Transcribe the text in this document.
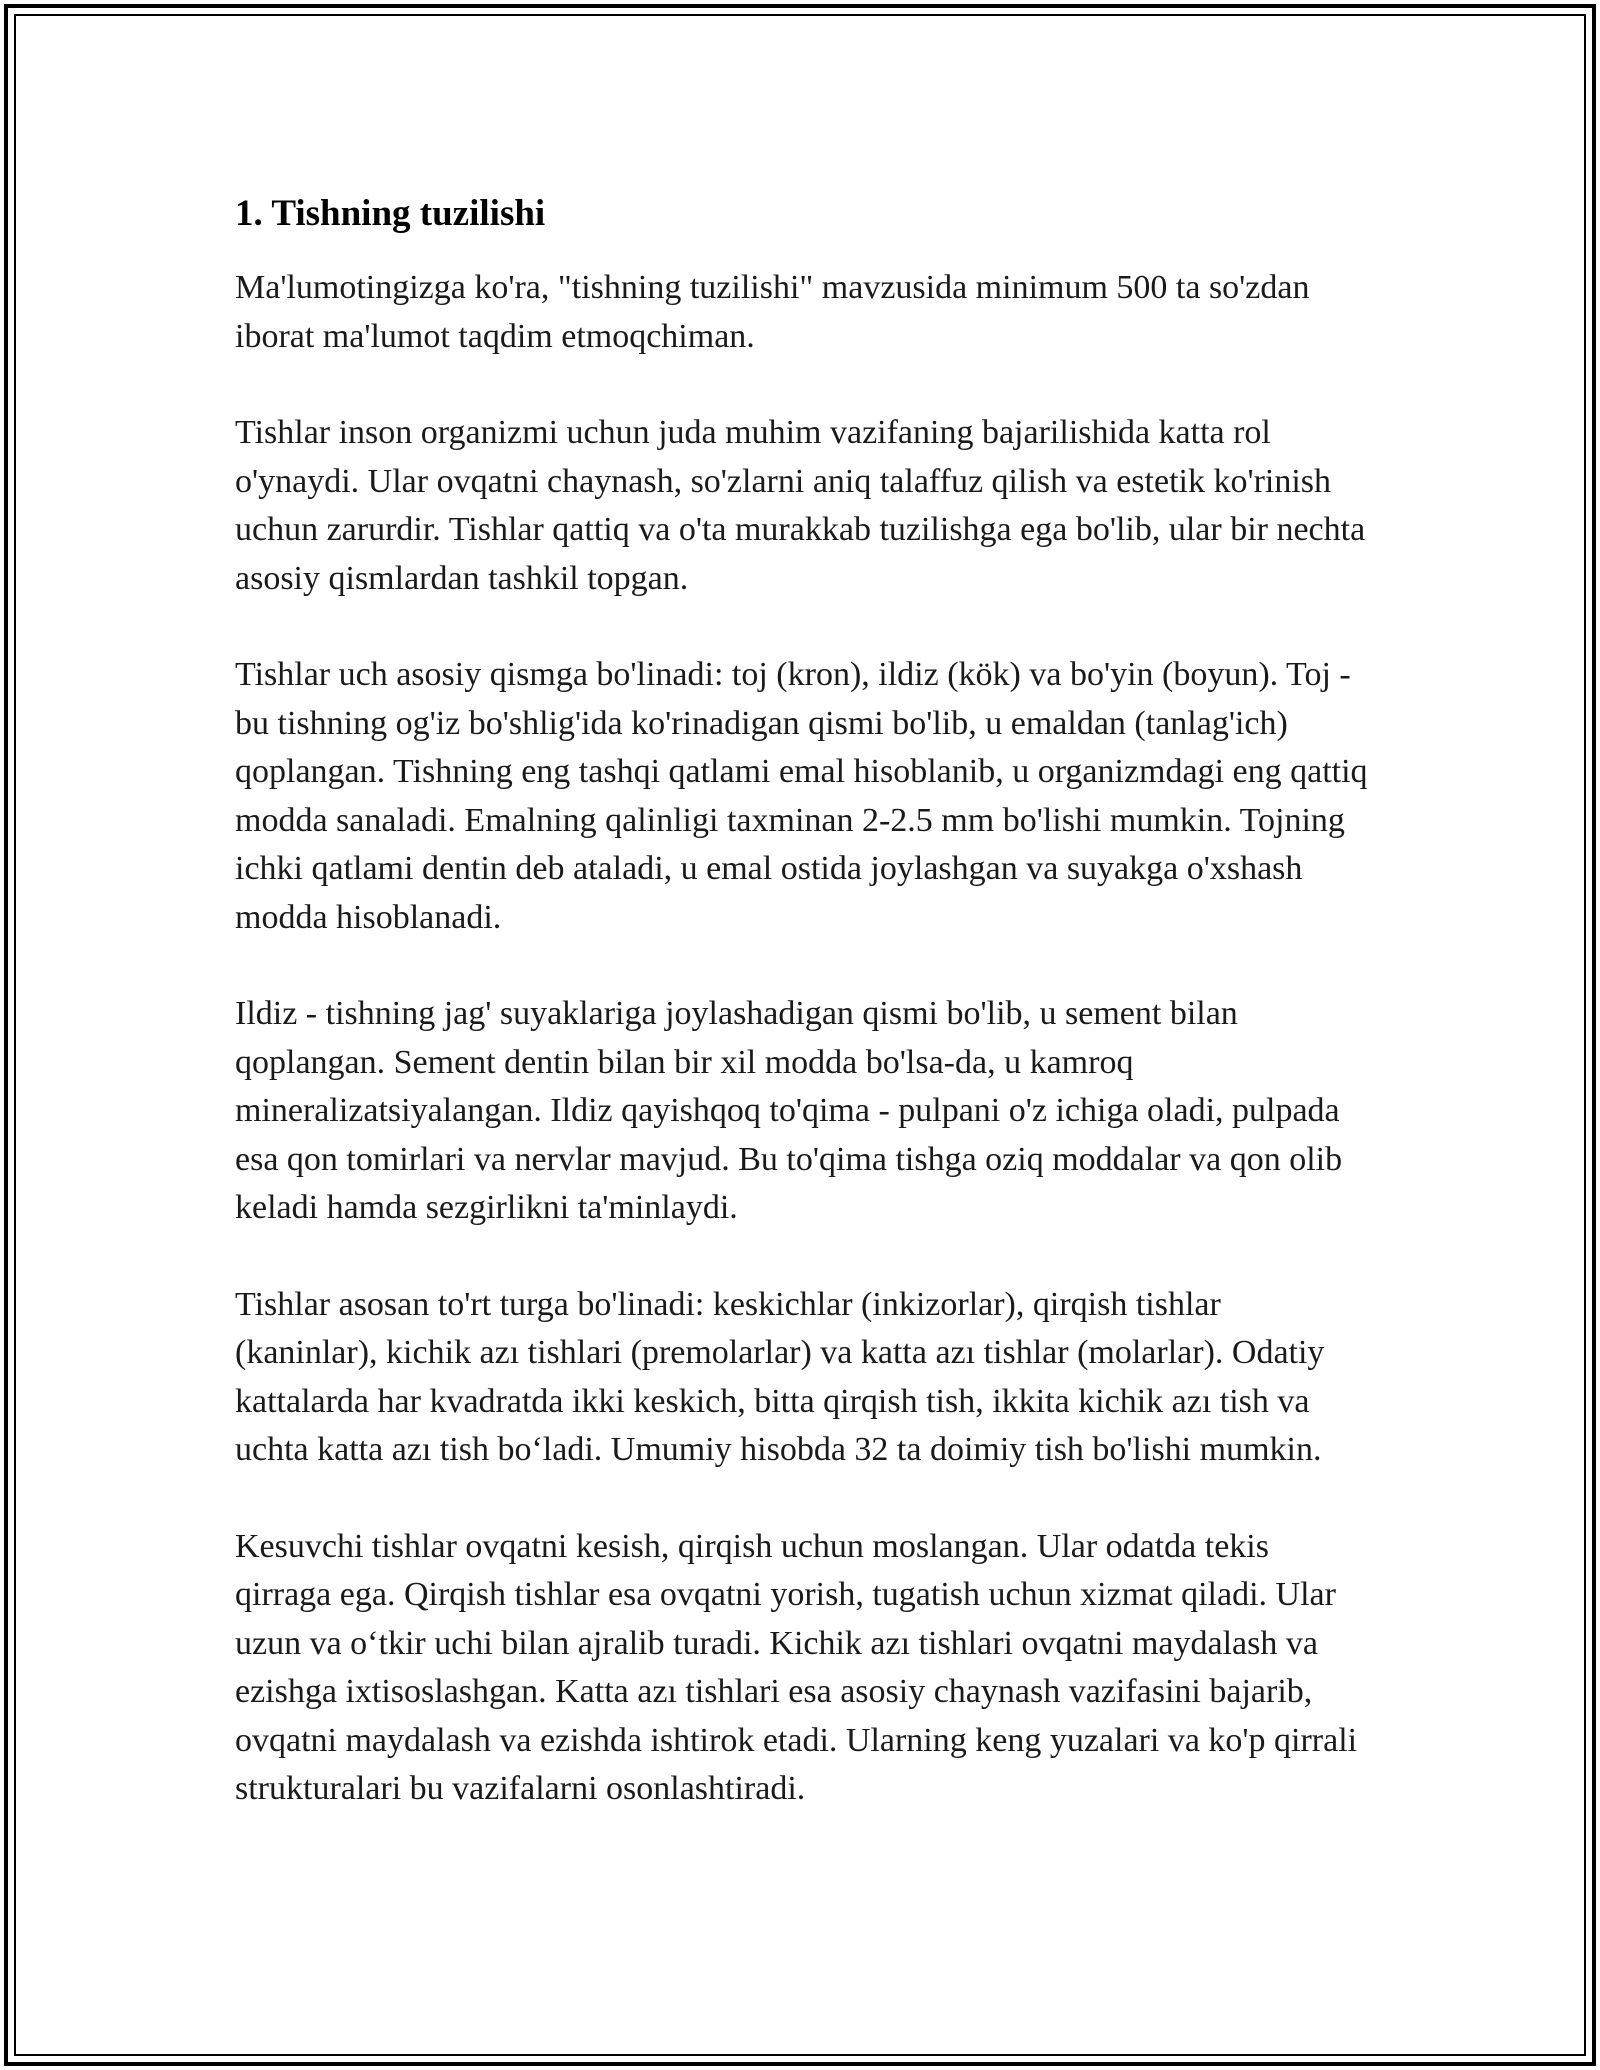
1. Tishning tuzilishi

Ma'lumotingizga ko'ra, "tishning tuzilishi" mavzusida minimum 500 ta so'zdan iborat ma'lumot taqdim etmoqchiman.

Tishlar inson organizmi uchun juda muhim vazifaning bajarilishida katta rol o'ynaydi. Ular ovqatni chaynash, so'zlarni aniq talaffuz qilish va estetik ko'rinish uchun zarurdir. Tishlar qattiq va o'ta murakkab tuzilishga ega bo'lib, ular bir nechta asosiy qismlardan tashkil topgan.

Tishlar uch asosiy qismga bo'linadi: toj (kron), ildiz (kök) va bo'yin (boyun). Toj - bu tishning og'iz bo'shlig'ida ko'rinadigan qismi bo'lib, u emaldan (tanlag'ich) qoplangan. Tishning eng tashqi qatlami emal hisoblanib, u organizmdagi eng qattiq modda sanaladi. Emalning qalinligi taxminan 2-2.5 mm bo'lishi mumkin. Tojning ichki qatlami dentin deb ataladi, u emal ostida joylashgan va suyakga o'xshash modda hisoblanadi.

Ildiz - tishning jag' suyaklariga joylashadigan qismi bo'lib, u sement bilan qoplangan. Sement dentin bilan bir xil modda bo'lsa-da, u kamroq mineralizatsiyalangan. Ildiz qayishqoq to'qima - pulpani o'z ichiga oladi, pulpada esa qon tomirlari va nervlar mavjud. Bu to'qima tishga oziq moddalar va qon olib keladi hamda sezgirlikni ta'minlaydi.

Tishlar asosan to'rt turga bo'linadi: keskichlar (inkizorlar), qirqish tishlar (kaninlar), kichik azı tishlari (premolarlar) va katta azı tishlar (molarlar). Odatiy kattalarda har kvadratda ikki keskich, bitta qirqish tish, ikkita kichik azı tish va uchta katta azı tish bo‘ladi. Umumiy hisobda 32 ta doimiy tish bo'lishi mumkin.

Kesuvchi tishlar ovqatni kesish, qirqish uchun moslangan. Ular odatda tekis qirraga ega. Qirqish tishlar esa ovqatni yorish, tugatish uchun xizmat qiladi. Ular uzun va o‘tkir uchi bilan ajralib turadi. Kichik azı tishlari ovqatni maydalash va ezishga ixtisoslashgan. Katta azı tishlari esa asosiy chaynash vazifasini bajarib, ovqatni maydalash va ezishda ishtirok etadi. Ularning keng yuzalari va ko'p qirrali strukturalari bu vazifalarni osonlashtiradi.
